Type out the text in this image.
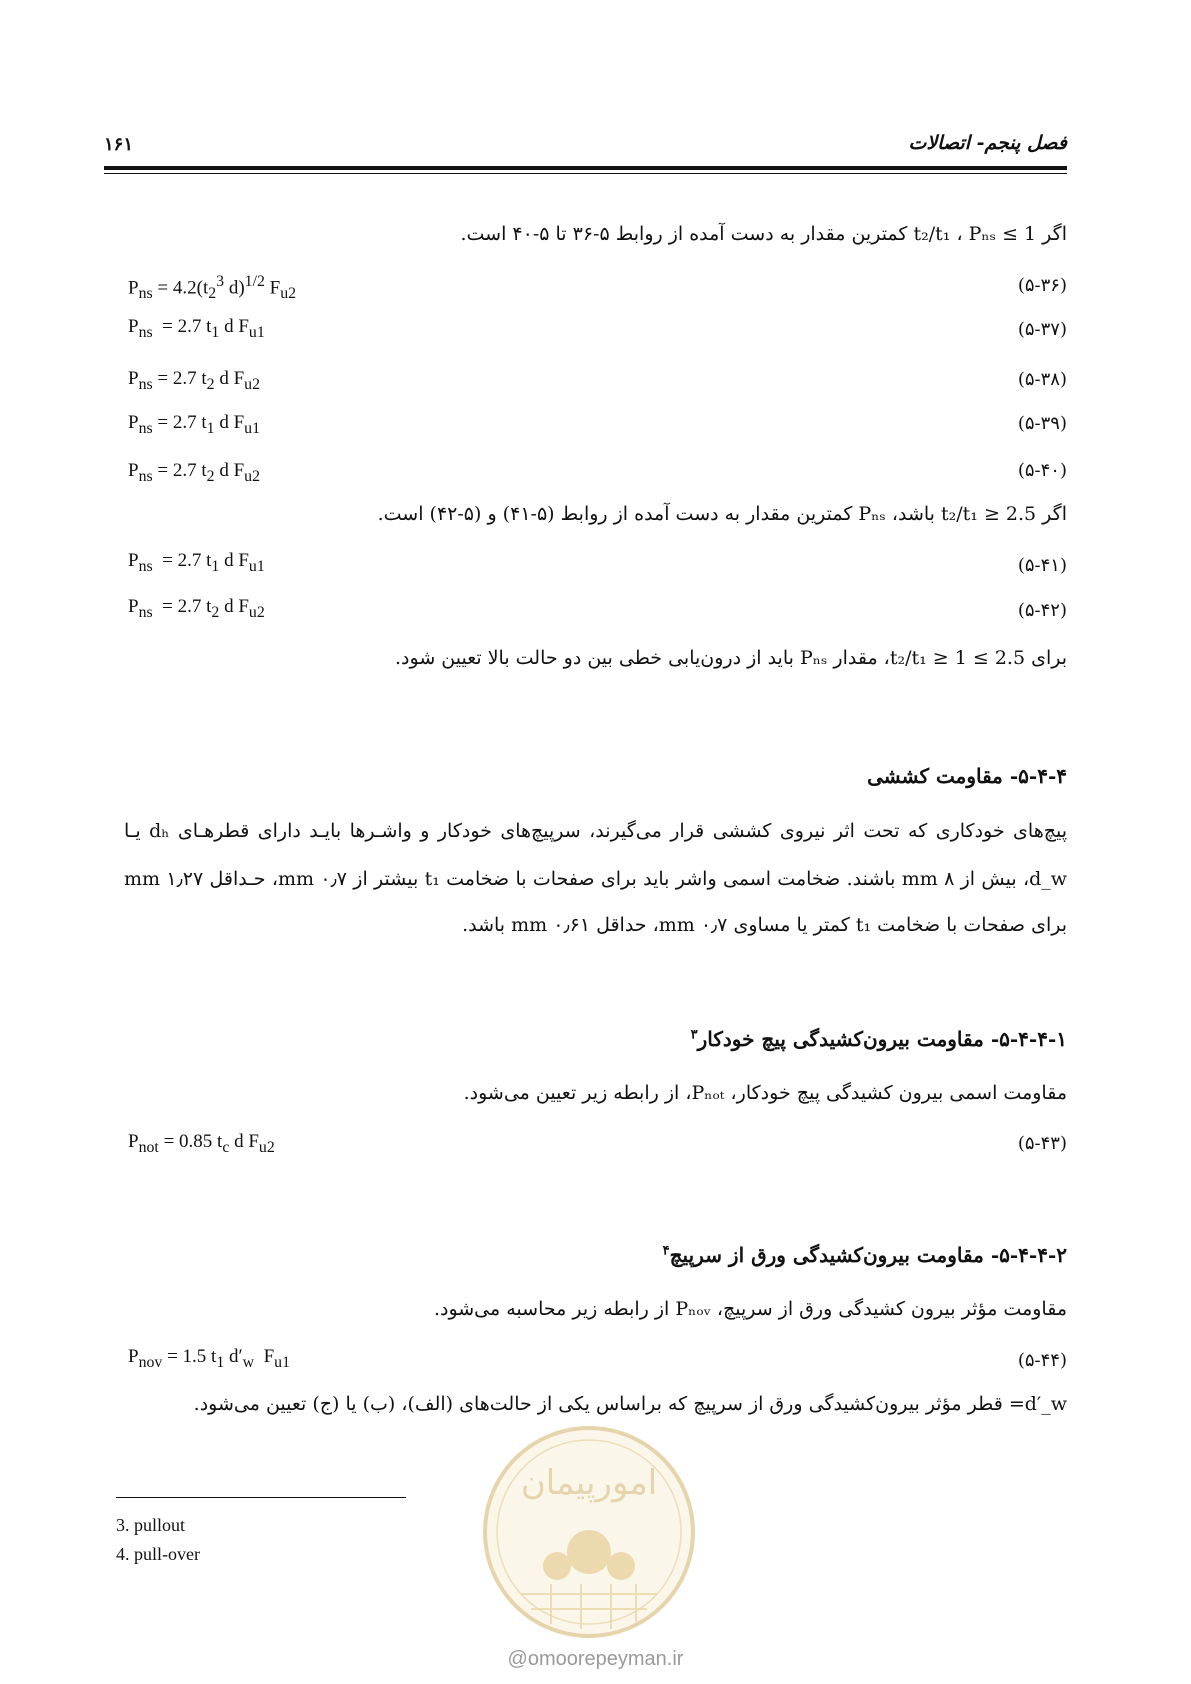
۱۶۱	فصل پنجم- اتصالات
اگر 1 ≥ t₂/t₁ ، Pₙₛ کمترین مقدار به دست آمده از روابط ۵-۳۶ تا ۵-۴۰ است.
(۵-۳۶)
$P_{ns} = 4.2(t_2^3$ d)$^{1/2}$ $F_{u2}$
(۵-۳۷)
$P_{ns} = 2.7$ $t_1$ d $F_{u1}$
(۵-۳۸)
$P_{ns} = 2.7$ $t_2$ d $F_{u2}$
(۵-۳۹)
$P_{ns} = 2.7$ $t_1$ d $F_{u1}$
(۵-۴۰)
$P_{ns} = 2.7$ $t_2$ d $F_{u2}$
اگر 2.5 ≤ t₂/t₁ باشد، Pₙₛ کمترین مقدار به دست آمده از روابط (۵-۴۱) و (۵-۴۲) است.
(۵-۴۱)
$P_{ns} = 2.7$ $t_1$ d $F_{u1}$
(۵-۴۲)
$P_{ns} = 2.7$ $t_2$ d $F_{u2}$
برای 2.5 ≥ t₂/t₁ ≥ 1، مقدار Pₙₛ باید از درون‌یابی خطی بین دو حالت بالا تعیین شود.
۵-۴-۴- مقاومت کششی
پیچ‌های خودکاری که تحت اثر نیروی کششی قرار می‌گیرند، سرپیچ‌های خودکار و واشـرها بایـد دارای قطرهـای dₕ یـا
d_w، بیش از ۸ mm باشند. ضخامت اسمی واشر باید برای صفحات با ضخامت t₁ بیشتر از ۰٫۷ mm، حـداقل ۱٫۲۷ mm
برای صفحات با ضخامت t₁ کمتر یا مساوی ۰٫۷ mm، حداقل ۰٫۶۱ mm باشد.
۵-۴-۴-۱- مقاومت بیرون‌کشیدگی پیچ خودکار$^۳$
مقاومت اسمی بیرون کشیدگی پیچ خودکار، Pₙₒₜ، از رابطه زیر تعیین می‌شود.
(۵-۴۳)
$P_{not} = 0.85$ $t_c$ d $F_{u2}$
۵-۴-۴-۲- مقاومت بیرون‌کشیدگی ورق از سرپیچ$^۴$
مقاومت مؤثر بیرون کشیدگی ورق از سرپیچ، Pₙₒᵥ از رابطه زیر محاسبه می‌شود.
(۵-۴۴)
$P_{nov} = 1.5$ $t_1$ $d'_w$  $F_{u1}$
d′_w= قطر مؤثر بیرون‌کشیدگی ورق از سرپیچ که براساس یکی از حالت‌های (الف)، (ب) یا (ج) تعیین می‌شود.
3. pullout
4. pull-over
امورپیمان
@omoorepeyman.ir
